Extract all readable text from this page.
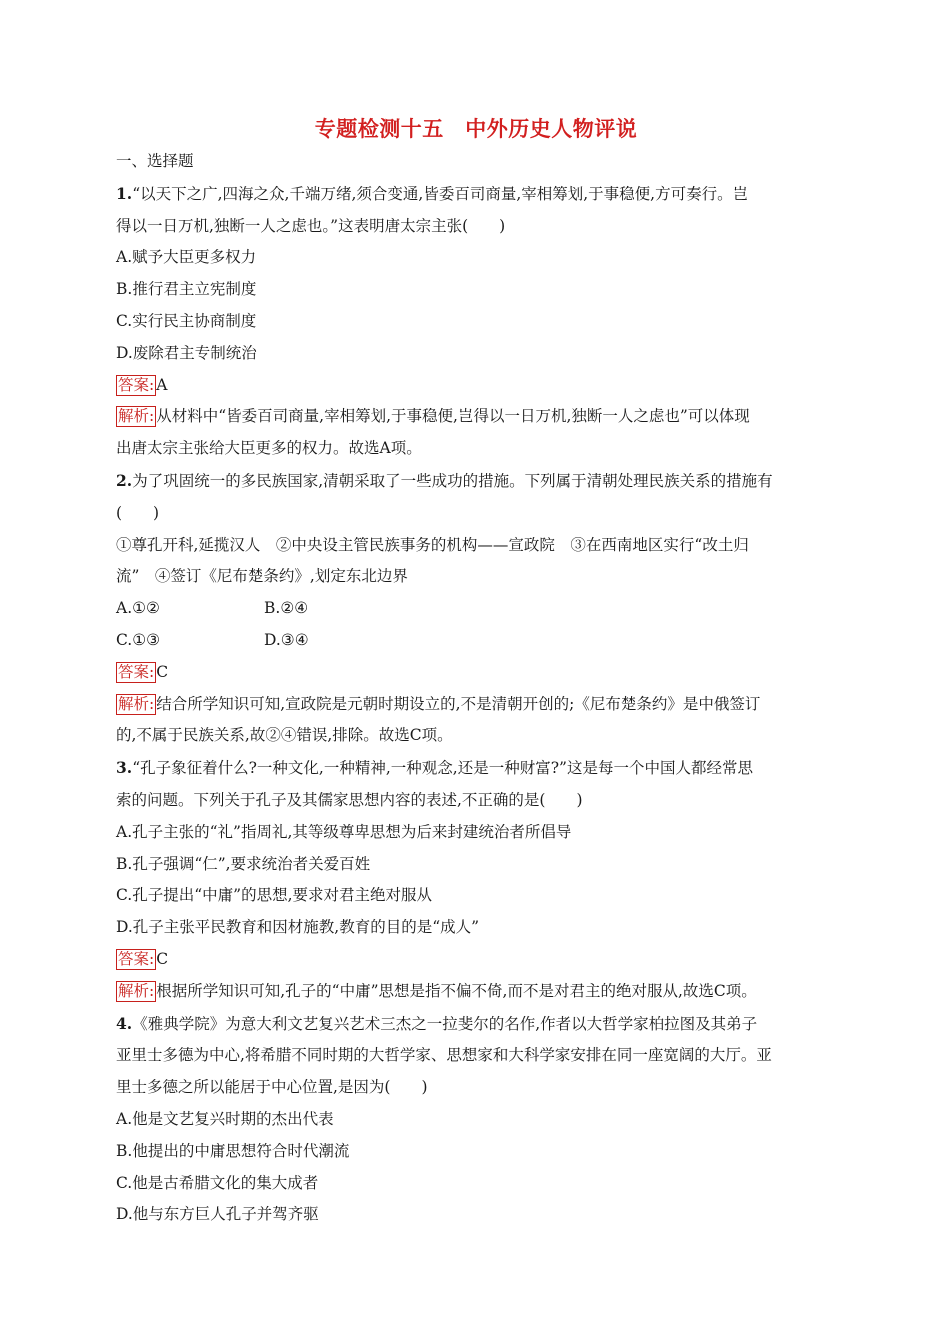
专题检测十五　中外历史人物评说
一、选择题
1.“以天下之广,四海之众,千端万绪,须合变通,皆委百司商量,宰相筹划,于事稳便,方可奏行。岂
得以一日万机,独断一人之虑也。”这表明唐太宗主张(　　)
A.赋予大臣更多权力
B.推行君主立宪制度
C.实行民主协商制度
D.废除君主专制统治
答案: A
解析: 从材料中“皆委百司商量,宰相筹划,于事稳便,岂得以一日万机,独断一人之虑也”可以体现
出唐太宗主张给大臣更多的权力。故选A项。
2.为了巩固统一的多民族国家,清朝采取了一些成功的措施。下列属于清朝处理民族关系的措施有
(　　)
①尊孔开科,延揽汉人　②中央设主管民族事务的机构——宣政院　③在西南地区实行“改土归
流”　④签订《尼布楚条约》,划定东北边界
A.①②	B.②④
C.①③	D.③④
答案: C
解析: 结合所学知识可知,宣政院是元朝时期设立的,不是清朝开创的;《尼布楚条约》是中俄签订
的,不属于民族关系,故②④错误,排除。故选C项。
3.“孔子象征着什么?一种文化,一种精神,一种观念,还是一种财富?”这是每一个中国人都经常思
索的问题。下列关于孔子及其儒家思想内容的表述,不正确的是(　　)
A.孔子主张的“礼”指周礼,其等级尊卑思想为后来封建统治者所倡导
B.孔子强调“仁”,要求统治者关爱百姓
C.孔子提出“中庸”的思想,要求对君主绝对服从
D.孔子主张平民教育和因材施教,教育的目的是“成人”
答案: C
解析: 根据所学知识可知,孔子的“中庸”思想是指不偏不倚,而不是对君主的绝对服从,故选C项。
4.《雅典学院》为意大利文艺复兴艺术三杰之一拉斐尔的名作,作者以大哲学家柏拉图及其弟子
亚里士多德为中心,将希腊不同时期的大哲学家、思想家和大科学家安排在同一座宽阔的大厅。亚
里士多德之所以能居于中心位置,是因为(　　)
A.他是文艺复兴时期的杰出代表
B.他提出的中庸思想符合时代潮流
C.他是古希腊文化的集大成者
D.他与东方巨人孔子并驾齐驱
